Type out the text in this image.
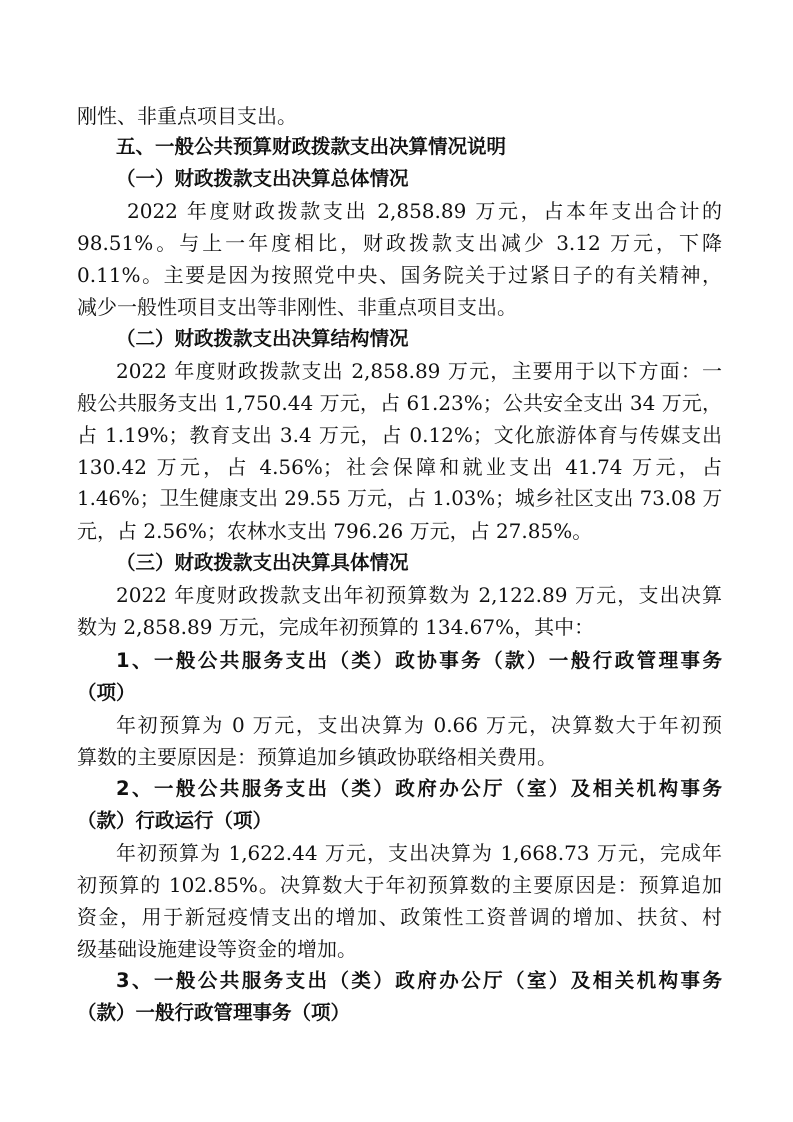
刚性、非重点项目支出。
五、一般公共预算财政拨款支出决算情况说明
（一）财政拨款支出决算总体情况
2022 年度财政拨款支出 2,858.89 万元，占本年支出合计的
98.51%。与上一年度相比，财政拨款支出减少 3.12 万元，下降
0.11%。主要是因为按照党中央、国务院关于过紧日子的有关精神，
减少一般性项目支出等非刚性、非重点项目支出。
（二）财政拨款支出决算结构情况
2022 年度财政拨款支出 2,858.89 万元，主要用于以下方面：一
般公共服务支出 1,750.44 万元，占 61.23%；公共安全支出 34 万元，
占 1.19%；教育支出 3.4 万元，占 0.12%；文化旅游体育与传媒支出
130.42 万元，占 4.56%；社会保障和就业支出 41.74 万元，占
1.46%；卫生健康支出 29.55 万元，占 1.03%；城乡社区支出 73.08 万
元，占 2.56%；农林水支出 796.26 万元，占 27.85%。
（三）财政拨款支出决算具体情况
2022 年度财政拨款支出年初预算数为 2,122.89 万元，支出决算
数为 2,858.89 万元，完成年初预算的 134.67%，其中：
1、一般公共服务支出（类）政协事务（款）一般行政管理事务
（项）
年初预算为 0 万元，支出决算为 0.66 万元，决算数大于年初预
算数的主要原因是：预算追加乡镇政协联络相关费用。
2、一般公共服务支出（类）政府办公厅（室）及相关机构事务
（款）行政运行（项）
年初预算为 1,622.44 万元，支出决算为 1,668.73 万元，完成年
初预算的 102.85%。决算数大于年初预算数的主要原因是：预算追加
资金，用于新冠疫情支出的增加、政策性工资普调的增加、扶贫、村
级基础设施建设等资金的增加。
3、一般公共服务支出（类）政府办公厅（室）及相关机构事务
（款）一般行政管理事务（项）
